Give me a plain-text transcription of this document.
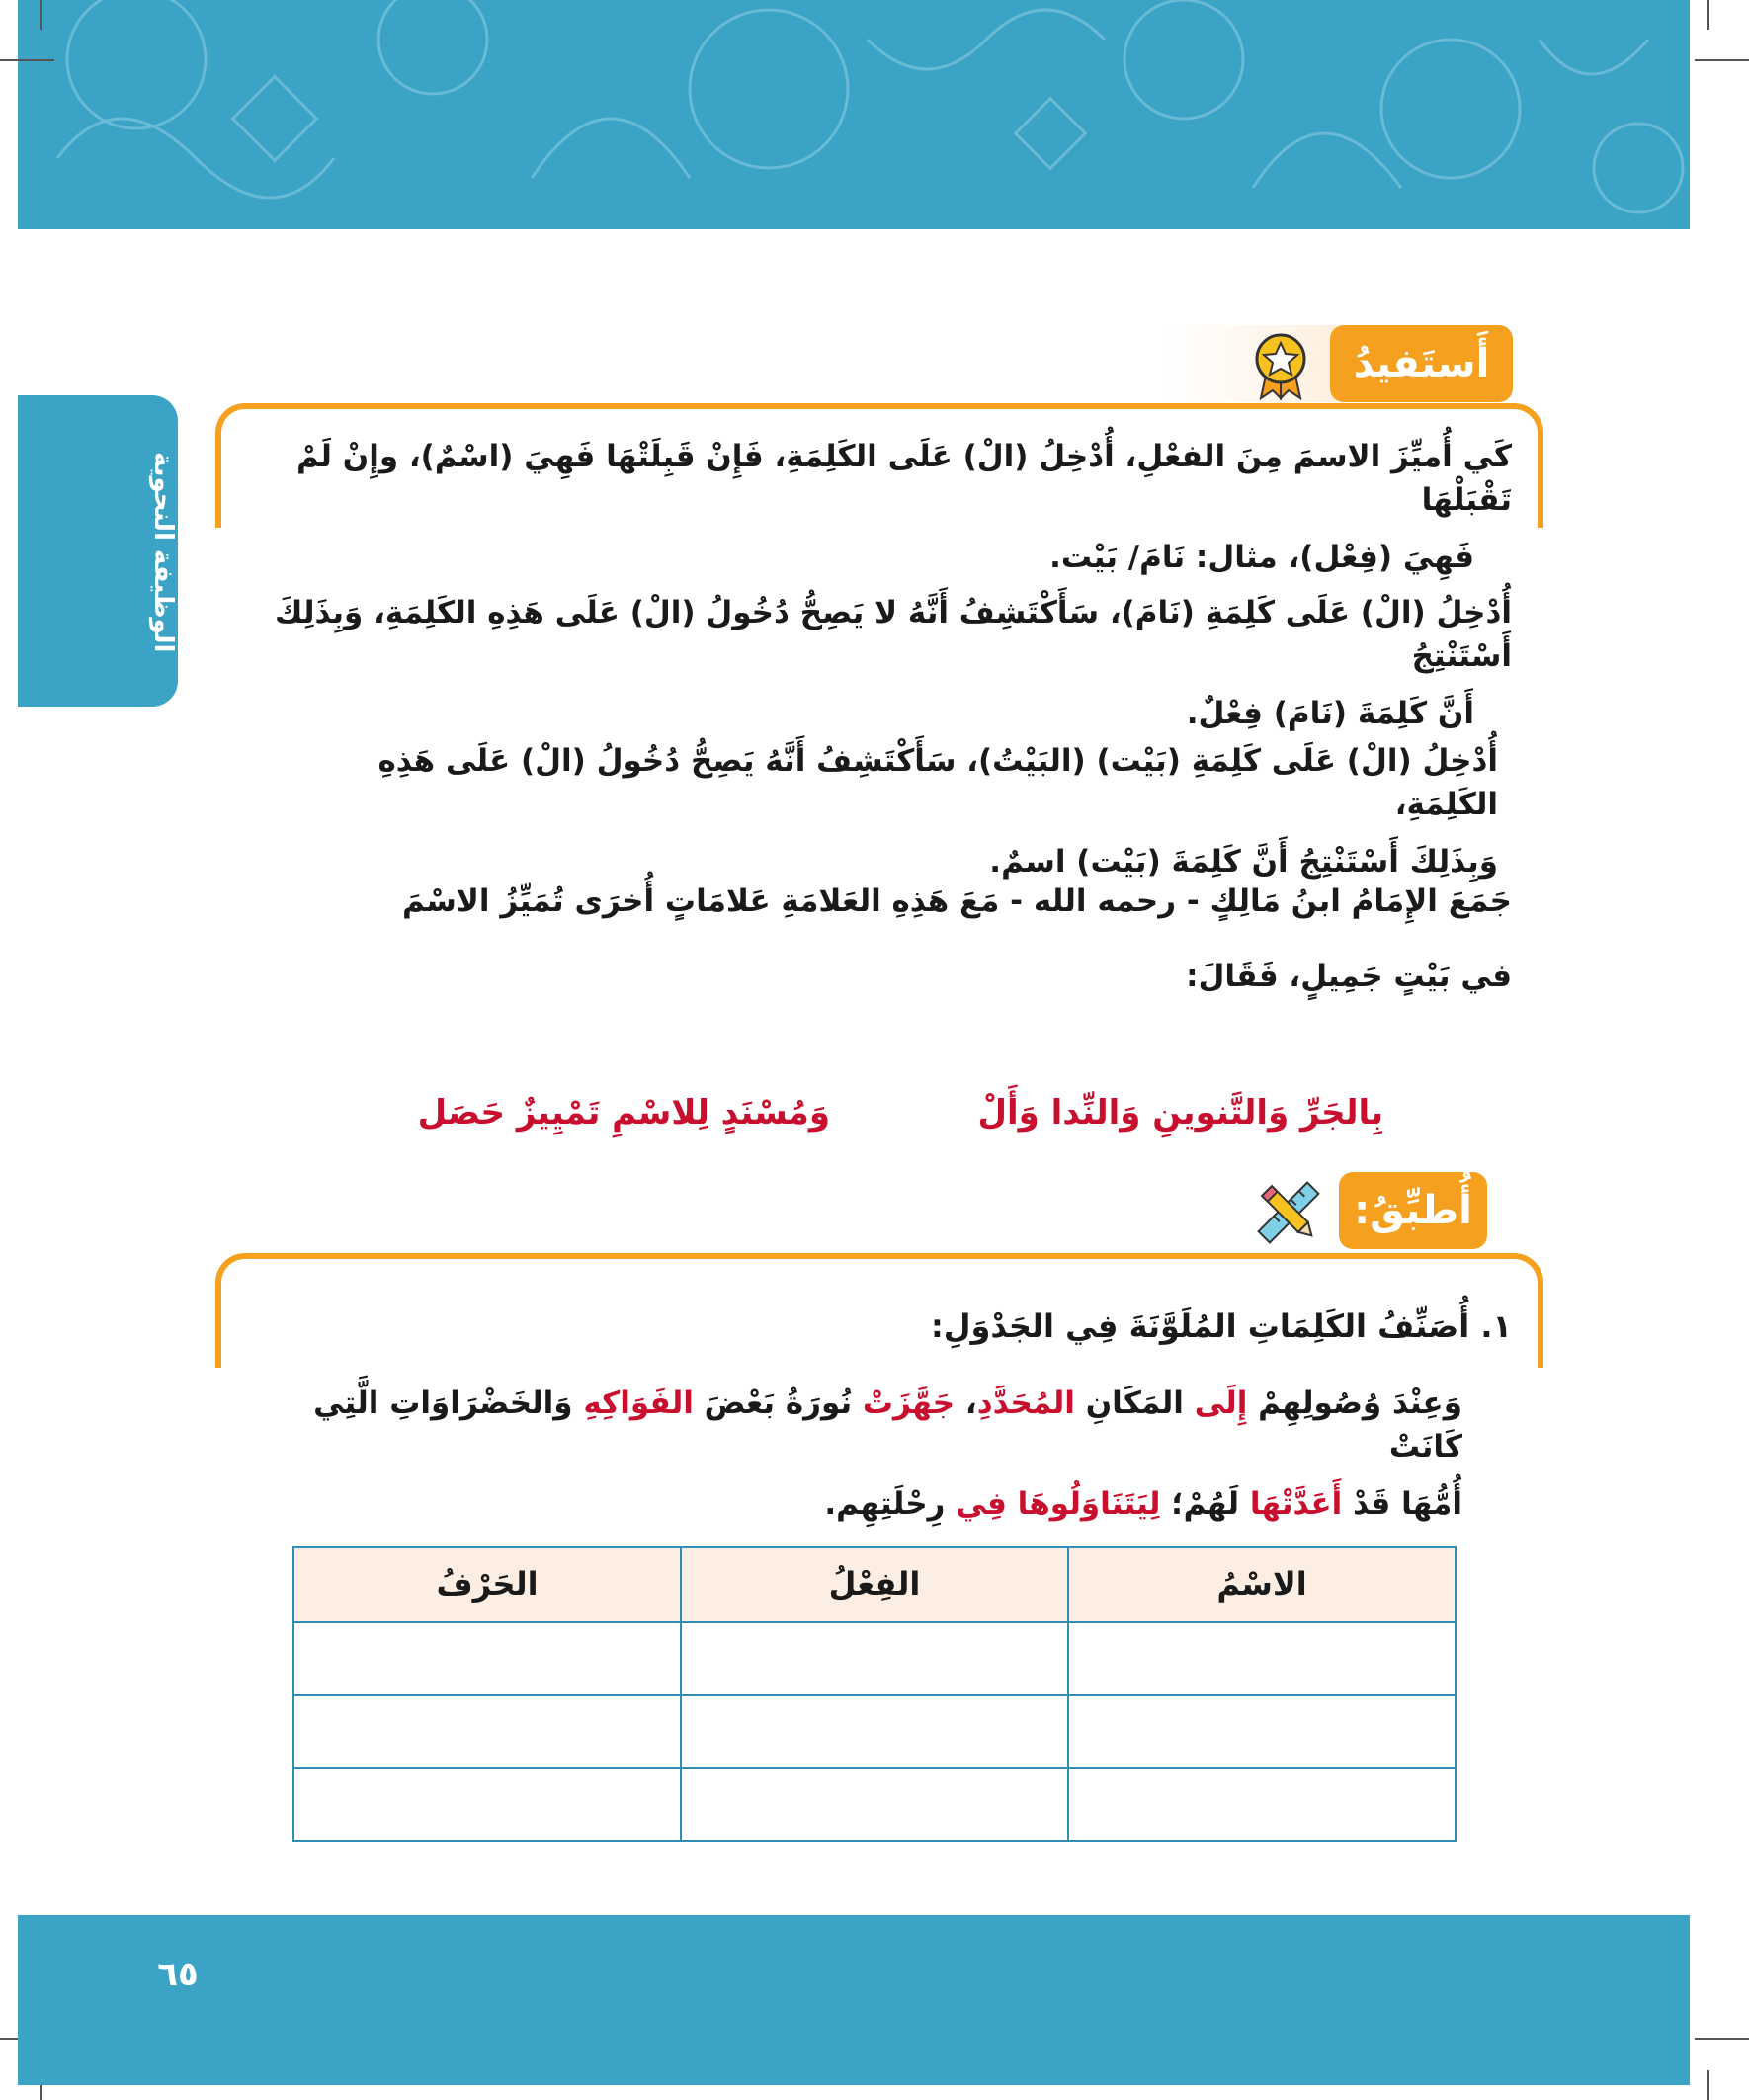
الوظيفة النحوية
أَستَفيدُ
كَي أُميِّزَ الاسمَ مِنَ الفعْلِ، أُدْخِلُ (الْ) عَلَى الكَلِمَةِ، فَإِنْ قَبِلَتْهَا فَهِيَ (اسْمٌ)، وإِنْ لَمْ تَقْبَلْهَا
فَهِيَ (فِعْل)، مثال: نَامَ/ بَيْت.
أُدْخِلُ (الْ) عَلَى كَلِمَةِ (نَامَ)، سَأَكْتَشِفُ أَنَّهُ لا يَصِحُّ دُخُولُ (الْ) عَلَى هَذِهِ الكَلِمَةِ، وَبِذَلِكَ أَسْتَنْتِجُ
أَنَّ كَلِمَةَ (نَامَ) فِعْلٌ.
أُدْخِلُ (الْ) عَلَى كَلِمَةِ (بَيْت) (البَيْتُ)، سَأَكْتَشِفُ أَنَّهُ يَصِحُّ دُخُولُ (الْ) عَلَى هَذِهِ الكَلِمَةِ،
وَبِذَلِكَ أَسْتَنْتِجُ أَنَّ كَلِمَةَ (بَيْت) اسمٌ.
جَمَعَ الإِمَامُ ابنُ مَالِكٍ - رحمه الله - مَعَ هَذِهِ العَلامَةِ عَلامَاتٍ أُخرَى تُمَيِّزُ الاسْمَ
في بَيْتٍ جَمِيلٍ، فَقَالَ:
بِالجَرِّ وَالتَّنوينِ وَالنِّدا وَأَلْ
وَمُسْنَدٍ لِلاسْمِ تَمْيِيزٌ حَصَل
أُطبِّقُ:
١. أُصَنِّفُ الكَلِمَاتِ المُلَوَّنَةَ فِي الجَدْوَلِ:
وَعِنْدَ وُصُولِهِمْ إِلَى المَكَانِ المُحَدَّدِ، جَهَّزَتْ نُورَةُ بَعْضَ الفَوَاكِهِ وَالخَضْرَاوَاتِ الَّتِي كَانَتْ
أُمُّهَا قَدْ أَعَدَّتْهَا لَهُمْ؛ لِيَتَنَاوَلُوهَا فِي رِحْلَتِهِم.
الاسْمُ	الفِعْلُ	الحَرْفُ

٦٥
